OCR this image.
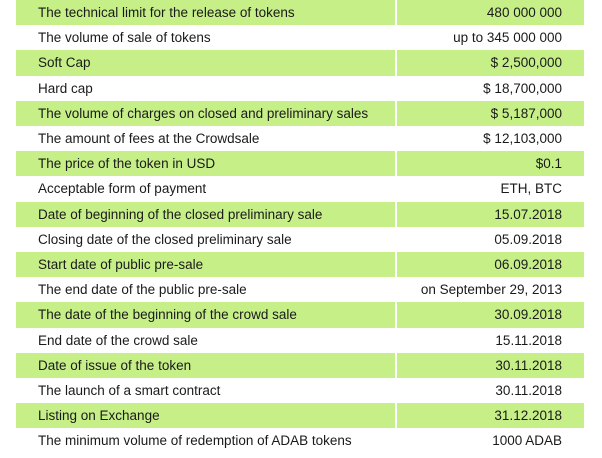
The technical limit for the release of tokens	480 000 000
The volume of sale of tokens	up to 345 000 000
Soft Cap	$ 2,500,000
Hard cap	$ 18,700,000
The volume of charges on closed and preliminary sales	$ 5,187,000
The amount of fees at the Crowdsale	$ 12,103,000
The price of the token in USD	$0.1
Acceptable form of payment	ETH, BTC
Date of beginning of the closed preliminary sale	15.07.2018
Closing date of the closed preliminary sale	05.09.2018
Start date of public pre-sale	06.09.2018
The end date of the public pre-sale	on September 29, 2013
The date of the beginning of the crowd sale	30.09.2018
End date of the crowd sale	15.11.2018
Date of issue of the token	30.11.2018
The launch of a smart contract	30.11.2018
Listing on Exchange	31.12.2018
The minimum volume of redemption of ADAB tokens	1000 ADAB
